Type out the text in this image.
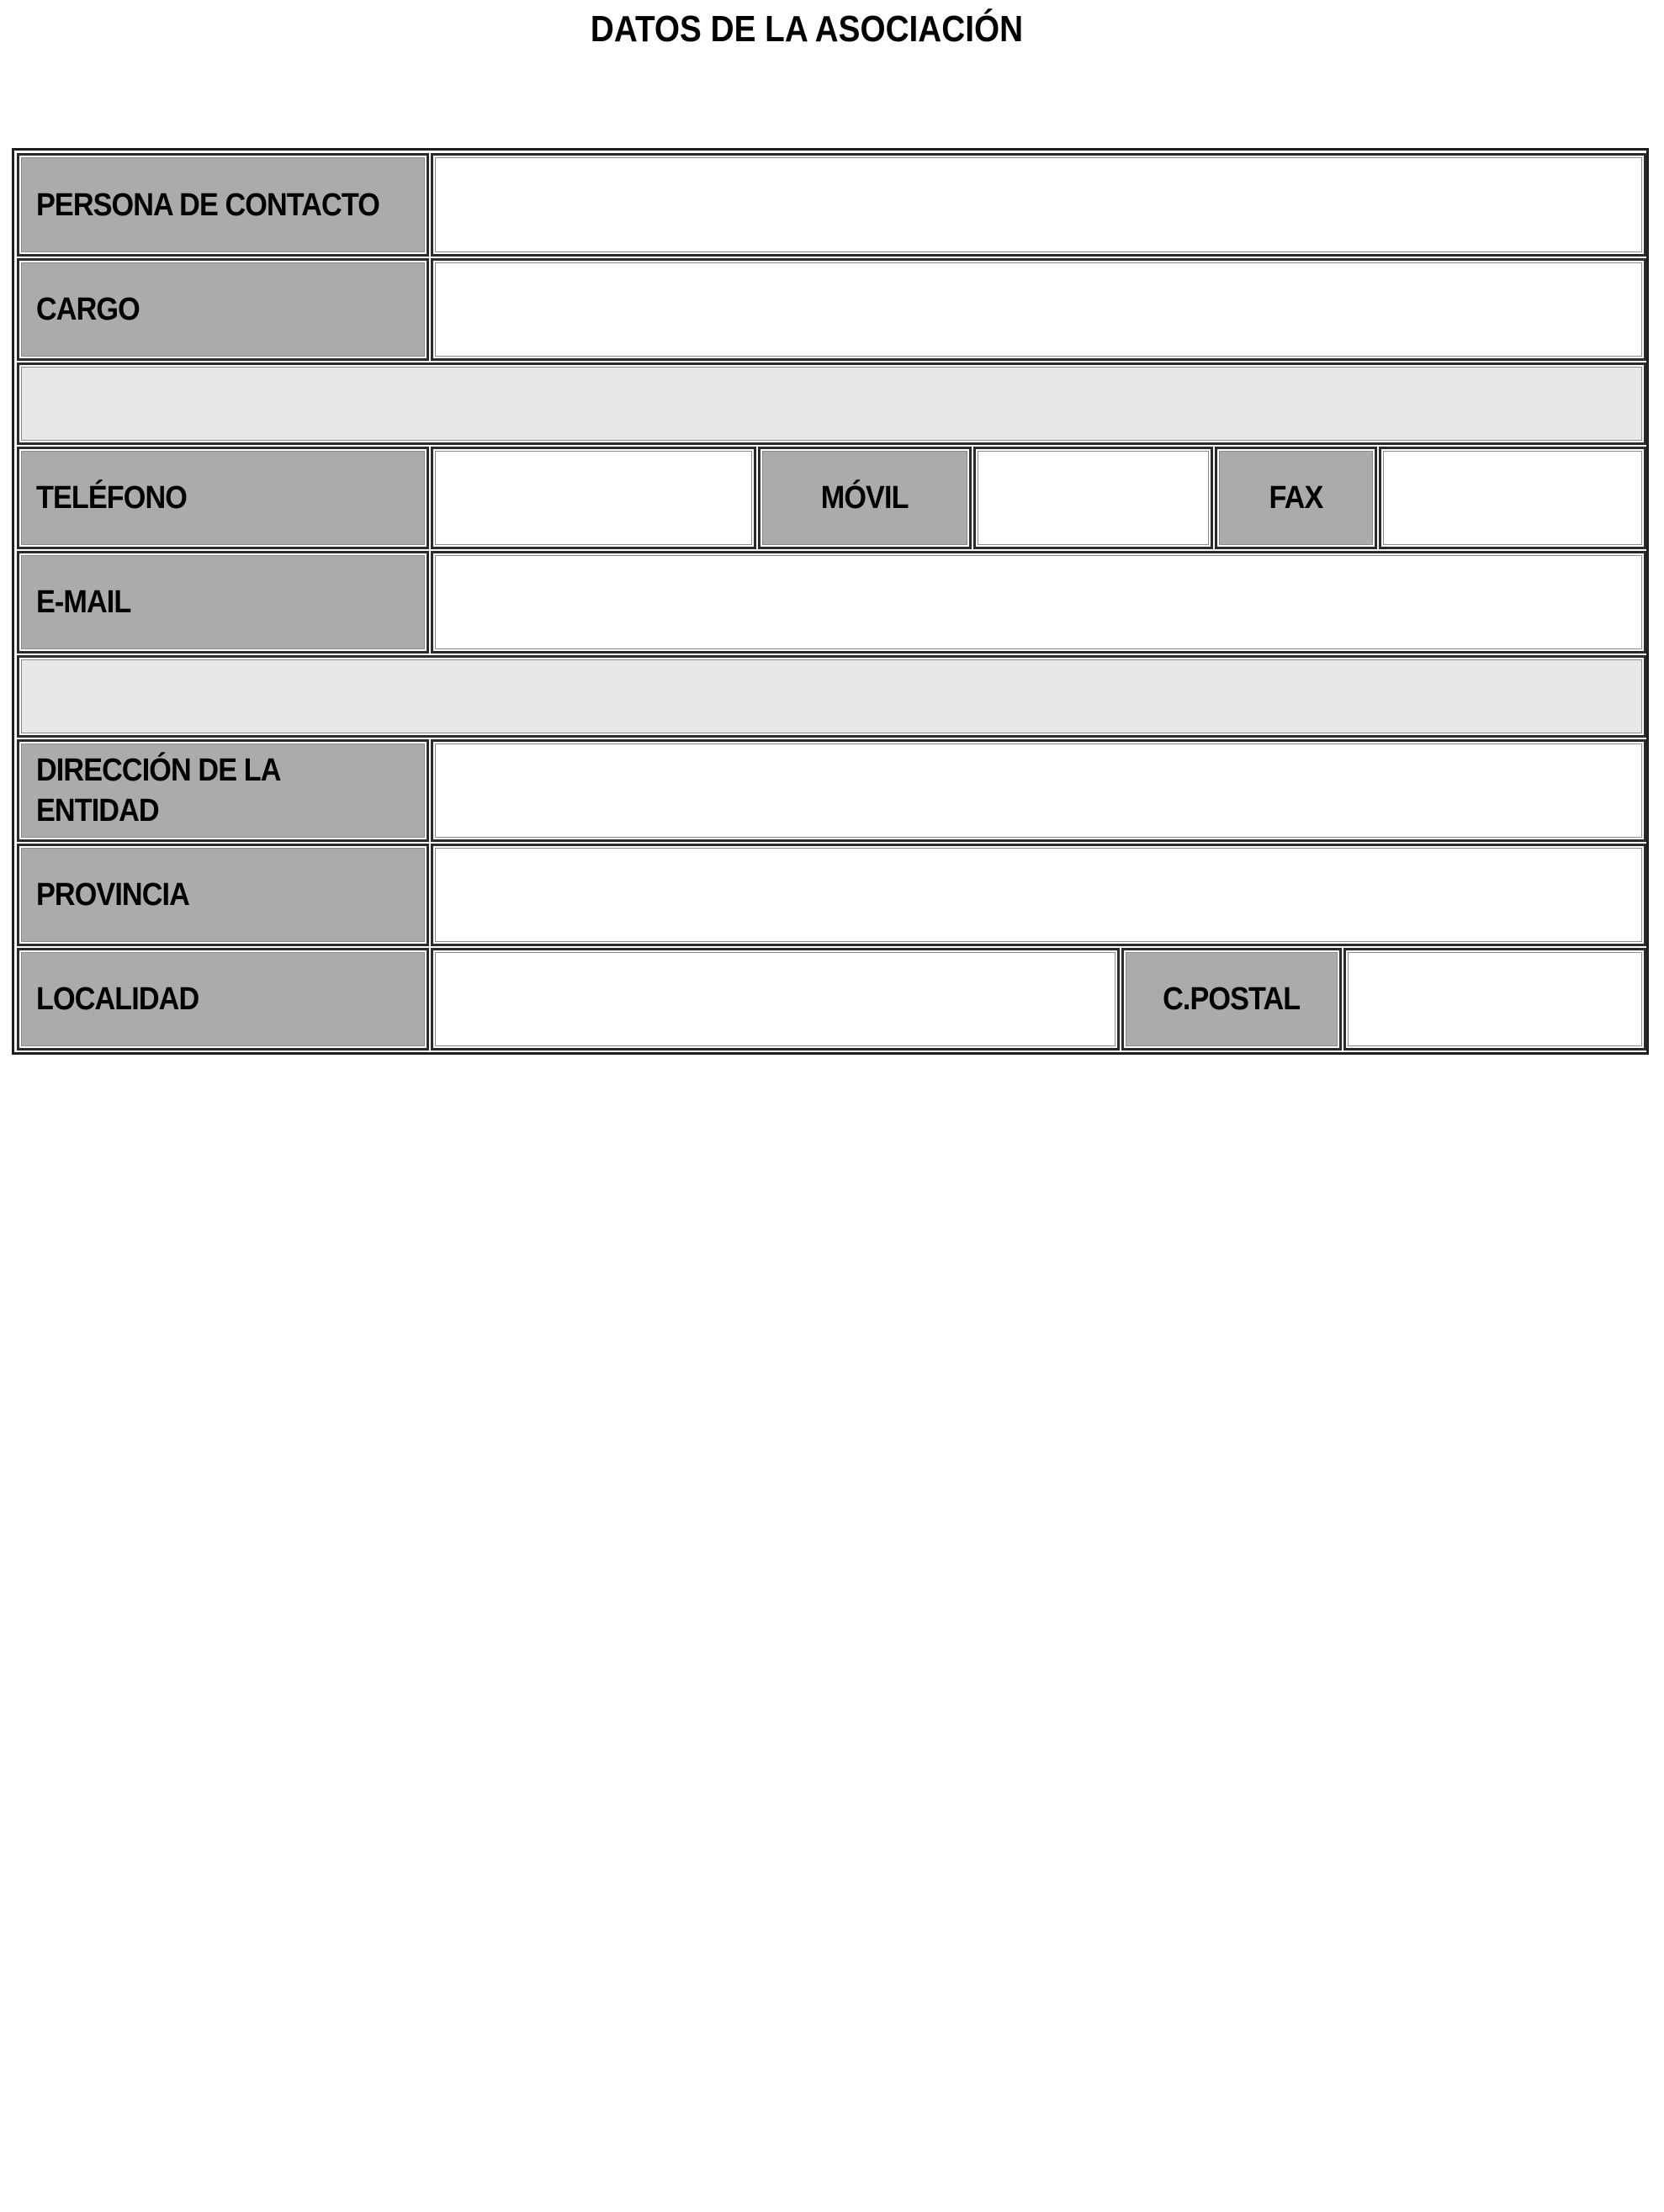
DATOS DE LA ASOCIACIÓN
PERSONA DE CONTACTO
CARGO
TELÉFONO	MÓVIL	FAX
E-MAIL
DIRECCIÓN DE LA ENTIDAD
PROVINCIA
LOCALIDAD	C.POSTAL
